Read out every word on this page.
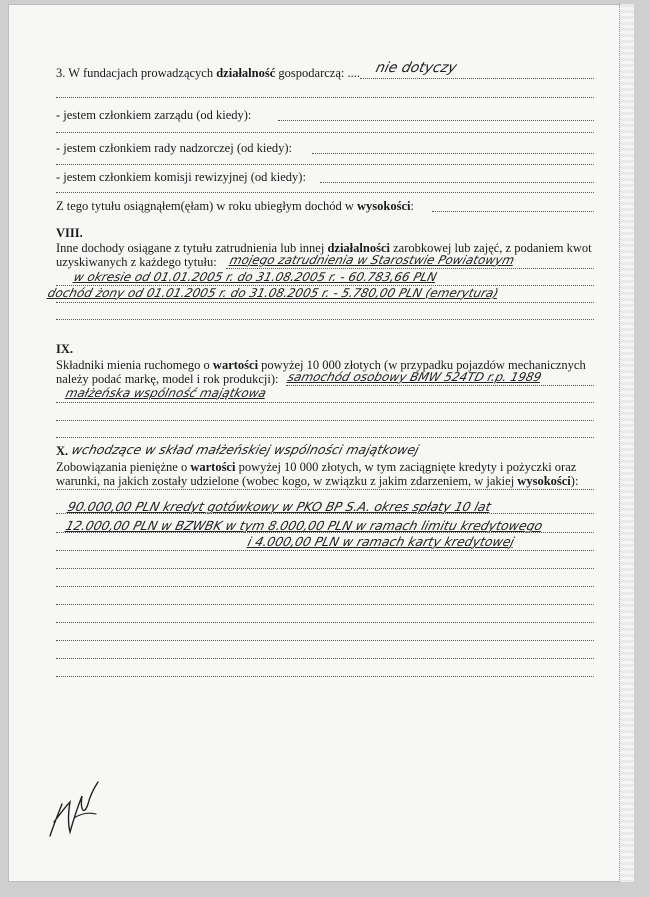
3. W fundacjach prowadzących działalność gospodarczą: .... nie dotyczy
- jestem członkiem zarządu (od kiedy):
- jestem członkiem rady nadzorczej (od kiedy):
- jestem członkiem komisji rewizyjnej (od kiedy):
Z tego tytułu osiągnąłem(ęłam) w roku ubiegłym dochód w wysokości:
VIII.
Inne dochody osiągane z tytułu zatrudnienia lub innej działalności zarobkowej lub zajęć, z podaniem kwot
uzyskiwanych z każdego tytułu: mojego zatrudnienia w Starostwie Powiatowym
w okresie od 01.01.2005 r. do 31.08.2005 r. - 60.783,66 PLN
dochód żony od 01.01.2005 r. do 31.08.2005 r. - 5.780,00 PLN (emerytura)
IX.
Składniki mienia ruchomego o wartości powyżej 10 000 złotych (w przypadku pojazdów mechanicznych
należy podać markę, model i rok produkcji): samochód osobowy BMW 524TD r.p. 1989
małżeńska wspólność majątkowa
X. wchodzące w skład małżeńskiej wspólności majątkowej
Zobowiązania pieniężne o wartości powyżej 10 000 złotych, w tym zaciągnięte kredyty i pożyczki oraz
warunki, na jakich zostały udzielone (wobec kogo, w związku z jakim zdarzeniem, w jakiej wysokości):
90.000,00 PLN kredyt gotówkowy w PKO BP S.A. okres spłaty 10 lat
12.000,00 PLN w BZWBK w tym 8.000,00 PLN w ramach limitu kredytowego
i 4.000,00 PLN w ramach karty kredytowej
